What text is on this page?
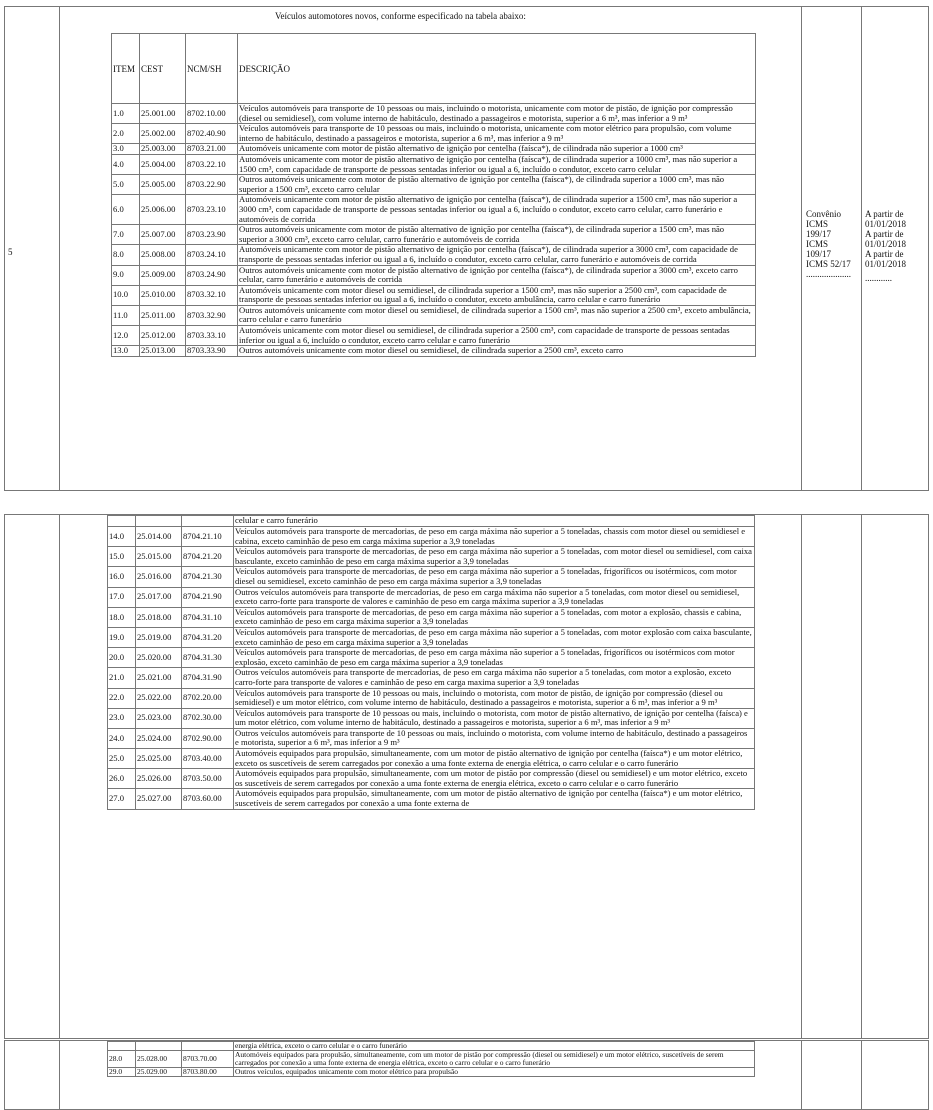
5
Veículos automotores novos, conforme especificado na tabela abaixo:
Convênio
ICMS
199/17
ICMS
109/17
ICMS 52/17
....................
A partir de
01/01/2018
A partir de
01/01/2018
A partir de
01/01/2018
............
ITEM	CEST	NCM/SH	DESCRIÇÃO
1.0	25.001.00	8702.10.00	Veículos automóveis para transporte de 10 pessoas ou mais, incluindo o motorista, unicamente com motor de pistão, de ignição por compressão (diesel ou semidiesel), com volume interno de habitáculo, destinado a passageiros e motorista, superior a 6 m³, mas inferior a 9 m³
2.0	25.002.00	8702.40.90	Veículos automóveis para transporte de 10 pessoas ou mais, incluindo o motorista, unicamente com motor elétrico para propulsão, com volume interno de habitáculo, destinado a passageiros e motorista, superior a 6 m³, mas inferior a 9 m³
3.0	25.003.00	8703.21.00	Automóveis unicamente com motor de pistão alternativo de ignição por centelha (faísca*), de cilindrada não superior a 1000 cm³
4.0	25.004.00	8703.22.10	Automóveis unicamente com motor de pistão alternativo de ignição por centelha (faísca*), de cilindrada superior a 1000 cm³, mas não superior a 1500 cm³, com capacidade de transporte de pessoas sentadas inferior ou igual a 6, incluído o condutor, exceto carro celular
5.0	25.005.00	8703.22.90	Outros automóveis unicamente com motor de pistão alternativo de ignição por centelha (faísca*), de cilindrada superior a 1000 cm³, mas não superior a 1500 cm³, exceto carro celular
6.0	25.006.00	8703.23.10	Automóveis unicamente com motor de pistão alternativo de ignição por centelha (faísca*), de cilindrada superior a 1500 cm³, mas não superior a 3000 cm³, com capacidade de transporte de pessoas sentadas inferior ou igual a 6, incluído o condutor, exceto carro celular, carro funerário e automóveis de corrida
7.0	25.007.00	8703.23.90	Outros automóveis unicamente com motor de pistão alternativo de ignição por centelha (faísca*), de cilindrada superior a 1500 cm³, mas não superior a 3000 cm³, exceto carro celular, carro funerário e automóveis de corrida
8.0	25.008.00	8703.24.10	Automóveis unicamente com motor de pistão alternativo de ignição por centelha (faísca*), de cilindrada superior a 3000 cm³, com capacidade de transporte de pessoas sentadas inferior ou igual a 6, incluído o condutor, exceto carro celular, carro funerário e automóveis de corrida
9.0	25.009.00	8703.24.90	Outros automóveis unicamente com motor de pistão alternativo de ignição por centelha (faísca*), de cilindrada superior a 3000 cm³, exceto carro celular, carro funerário e automóveis de corrida
10.0	25.010.00	8703.32.10	Automóveis unicamente com motor diesel ou semidiesel, de cilindrada superior a 1500 cm³, mas não superior a 2500 cm³, com capacidade de transporte de pessoas sentadas inferior ou igual a 6, incluído o condutor, exceto ambulância, carro celular e carro funerário
11.0	25.011.00	8703.32.90	Outros automóveis unicamente com motor diesel ou semidiesel, de cilindrada superior a 1500 cm³, mas não superior a 2500 cm³, exceto ambulância, carro celular e carro funerário
12.0	25.012.00	8703.33.10	Automóveis unicamente com motor diesel ou semidiesel, de cilindrada superior a 2500 cm³, com capacidade de transporte de pessoas sentadas inferior ou igual a 6, incluído o condutor, exceto carro celular e carro funerário
13.0	25.013.00	8703.33.90	Outros automóveis unicamente com motor diesel ou semidiesel, de cilindrada superior a 2500 cm³, exceto carro
			celular e carro funerário
14.0	25.014.00	8704.21.10	Veículos automóveis para transporte de mercadorias, de peso em carga máxima não superior a 5 toneladas, chassis com motor diesel ou semidiesel e cabina, exceto caminhão de peso em carga máxima superior a 3,9 toneladas
15.0	25.015.00	8704.21.20	Veículos automóveis para transporte de mercadorias, de peso em carga máxima não superior a 5 toneladas, com motor diesel ou semidiesel, com caixa basculante, exceto caminhão de peso em carga máxima superior a 3,9 toneladas
16.0	25.016.00	8704.21.30	Veículos automóveis para transporte de mercadorias, de peso em carga máxima não superior a 5 toneladas, frigoríficos ou isotérmicos, com motor diesel ou semidiesel, exceto caminhão de peso em carga máxima superior a 3,9 toneladas
17.0	25.017.00	8704.21.90	Outros veículos automóveis para transporte de mercadorias, de peso em carga máxima não superior a 5 toneladas, com motor diesel ou semidiesel, exceto carro-forte para transporte de valores e caminhão de peso em carga máxima superior a 3,9 toneladas
18.0	25.018.00	8704.31.10	Veículos automóveis para transporte de mercadorias, de peso em carga máxima não superior a 5 toneladas, com motor a explosão, chassis e cabina, exceto caminhão de peso em carga máxima superior a 3,9 toneladas
19.0	25.019.00	8704.31.20	Veículos automóveis para transporte de mercadorias, de peso em carga máxima não superior a 5 toneladas, com motor explosão com caixa basculante, exceto caminhão de peso em carga máxima superior a 3,9 toneladas
20.0	25.020.00	8704.31.30	Veículos automóveis para transporte de mercadorias, de peso em carga máxima não superior a 5 toneladas, frigoríficos ou isotérmicos com motor explosão, exceto caminhão de peso em carga máxima superior a 3,9 toneladas
21.0	25.021.00	8704.31.90	Outros veículos automóveis para transporte de mercadorias, de peso em carga máxima não superior a 5 toneladas, com motor a explosão, exceto carro-forte para transporte de valores e caminhão de peso em carga maxima superior a 3,9 toneladas
22.0	25.022.00	8702.20.00	Veículos automóveis para transporte de 10 pessoas ou mais, incluindo o motorista, com motor de pistão, de ignição por compressão (diesel ou semidiesel) e um motor elétrico, com volume interno de habitáculo, destinado a passageiros e motorista, superior a 6 m³, mas inferior a 9 m³
23.0	25.023.00	8702.30.00	Veículos automóveis para transporte de 10 pessoas ou mais, incluindo o motorista, com motor de pistão alternativo, de ignição por centelha (faísca) e um motor elétrico, com volume interno de habitáculo, destinado a passageiros e motorista, superior a 6 m³, mas inferior a 9 m³
24.0	25.024.00	8702.90.00	Outros veículos automóveis para transporte de 10 pessoas ou mais, incluindo o motorista, com volume interno de habitáculo, destinado a passageiros e motorista, superior a 6 m³, mas inferior a 9 m³
25.0	25.025.00	8703.40.00	Automóveis equipados para propulsão, simultaneamente, com um motor de pistão alternativo de ignição por centelha (faísca*) e um motor elétrico, exceto os suscetíveis de serem carregados por conexão a uma fonte externa de energia elétrica, o carro celular e o carro funerário
26.0	25.026.00	8703.50.00	Automóveis equipados para propulsão, simultaneamente, com um motor de pistão por compressão (diesel ou semidiesel) e um motor elétrico, exceto os suscetíveis de serem carregados por conexão a uma fonte externa de energia elétrica, exceto o carro celular e o carro funerário
27.0	25.027.00	8703.60.00	Automóveis equipados para propulsão, simultaneamente, com um motor de pistão alternativo de ignição por centelha (faísca*) e um motor elétrico, suscetíveis de serem carregados por conexão a uma fonte externa de
			energia elétrica, exceto o carro celular e o carro funerário
28.0	25.028.00	8703.70.00	Automóveis equipados para propulsão, simultaneamente, com um motor de pistão por compressão (diesel ou semidiesel) e um motor elétrico, suscetíveis de serem carregados por conexão a uma fonte externa de energia elétrica, exceto o carro celular e o carro funerário
29.0	25.029.00	8703.80.00	Outros veículos, equipados unicamente com motor elétrico para propulsão
